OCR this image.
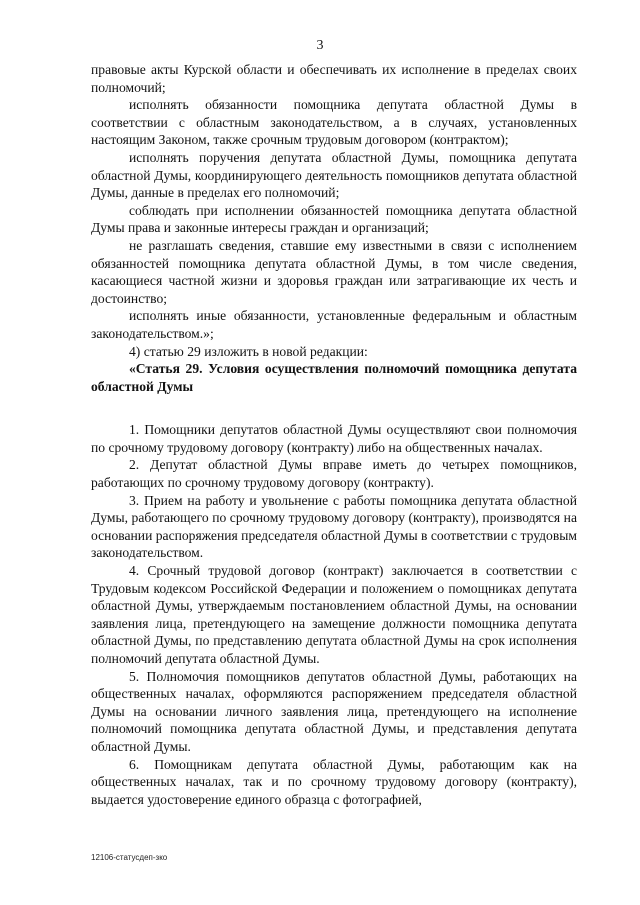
3

правовые акты Курской области и обеспечивать их исполнение в пределах своих полномочий;

исполнять обязанности помощника депутата областной Думы в соответствии с областным законодательством, а в случаях, установленных настоящим Законом, также срочным трудовым договором (контрактом);

исполнять поручения депутата областной Думы, помощника депутата областной Думы, координирующего деятельность помощников депутата областной Думы, данные в пределах его полномочий;

соблюдать при исполнении обязанностей помощника депутата областной Думы права и законные интересы граждан и организаций;

не разглашать сведения, ставшие ему известными в связи с исполнением обязанностей помощника депутата областной Думы, в том числе сведения, касающиеся частной жизни и здоровья граждан или затрагивающие их честь и достоинство;

исполнять иные обязанности, установленные федеральным и областным законодательством.»;

4) статью 29 изложить в новой редакции:

«Статья 29. Условия осуществления полномочий помощника депутата областной Думы

1. Помощники депутатов областной Думы осуществляют свои полномочия по срочному трудовому договору (контракту) либо на общественных началах.

2. Депутат областной Думы вправе иметь до четырех помощников, работающих по срочному трудовому договору (контракту).

3. Прием на работу и увольнение с работы помощника депутата областной Думы, работающего по срочному трудовому договору (контракту), производятся на основании распоряжения председателя областной Думы в соответствии с трудовым законодательством.

4. Срочный трудовой договор (контракт) заключается в соответствии с Трудовым кодексом Российской Федерации и положением о помощниках депутата областной Думы, утверждаемым постановлением областной Думы, на основании заявления лица, претендующего на замещение должности помощника депутата областной Думы, по представлению депутата областной Думы на срок исполнения полномочий депутата областной Думы.

5. Полномочия помощников депутатов областной Думы, работающих на общественных началах, оформляются распоряжением председателя областной Думы на основании личного заявления лица, претендующего на исполнение полномочий помощника депутата областной Думы, и представления депутата областной Думы.

6. Помощникам депутата областной Думы, работающим как на общественных началах, так и по срочному трудовому договору (контракту), выдается удостоверение единого образца с фотографией,

12106-статусдеп-зко
